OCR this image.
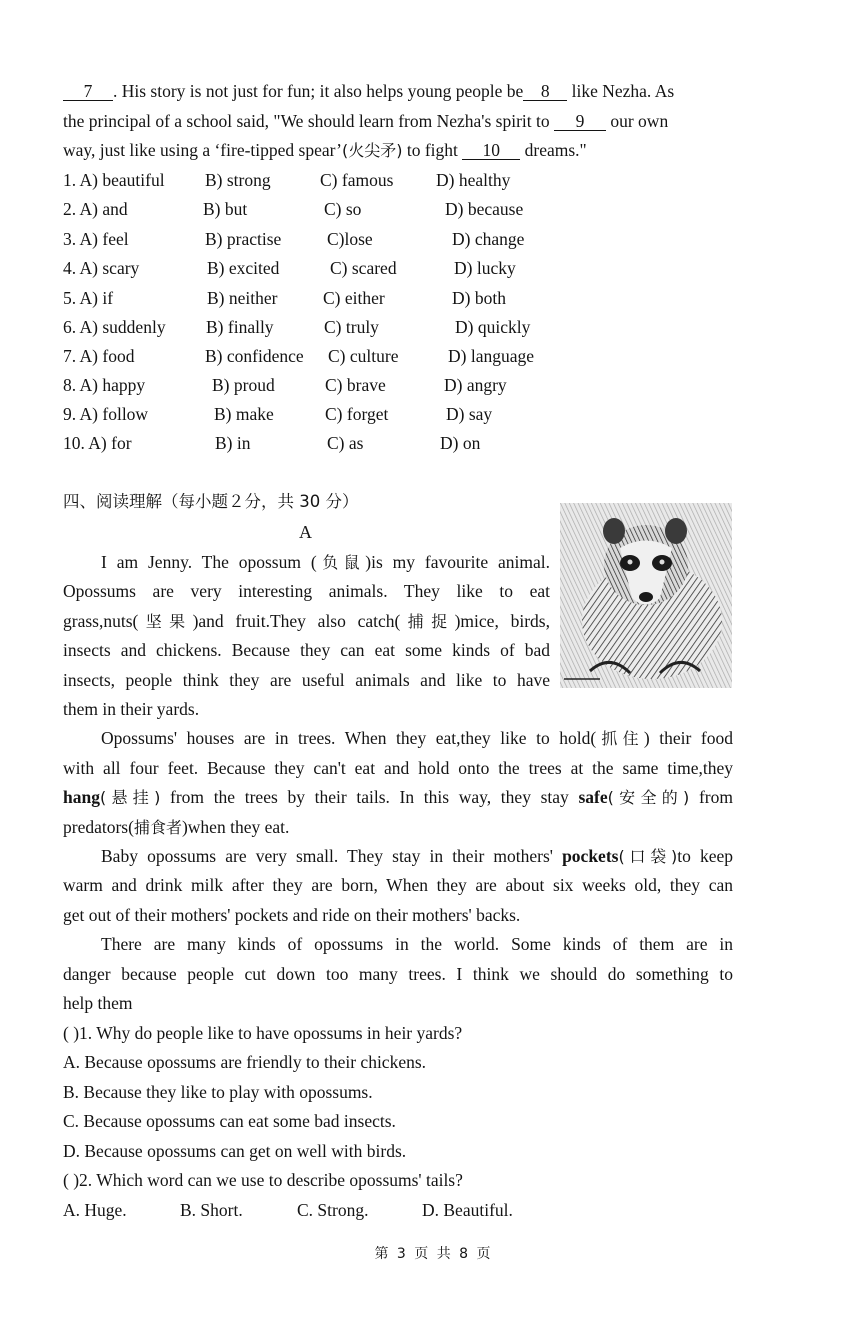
7 . His story is not just for fun; it also helps young people be 8 like Nezha. As
the principal of a school said, "We should learn from Nezha's spirit to 9 our own
way, just like using a ‘fire-tipped spear’(火尖矛) to fight 10 dreams."
1. A) beautiful B) strong	C) famous D) healthy
2. A) and	B) but	C) so	D) because
3. A) feel	B) practise	C)lose	D) change
4. A) scary	B) excited	C) scared	D) lucky
5. A) if	B) neither	C) either	D) both
6. A) suddenly B) finally	C) truly	D) quickly
7. A) food	B) confidence C) culture	D) language
8. A) happy	B) proud	C) brave	D) angry
9. A) follow	B) make	C) forget	D) say
10. A) for	B) in	C) as	D) on
四、阅读理解（每小题２分，共 30 分）
A
I am Jenny. The opossum (负鼠)is my favourite animal.
Opossums are very interesting animals. They like to eat
grass,nuts(坚果)and fruit.They also catch(捕捉)mice, birds,
insects and chickens. Because they can eat some kinds of bad
insects, people think they are useful animals and like to have
them in their yards.
Opossums' houses are in trees. When they eat,they like to hold(抓住) their food
with all four feet. Because they can't eat and hold onto the trees at the same time,they
hang(悬挂) from the trees by their tails. In this way, they stay safe(安全的) from
predators(捕食者)when they eat.
Baby opossums are very small. They stay in their mothers' pockets(口袋)to keep
warm and drink milk after they are born, When they are about six weeks old, they can
get out of their mothers' pockets and ride on their mothers' backs.
There are many kinds of opossums in the world. Some kinds of them are in
danger because people cut down too many trees. I think we should do something to
help them
( )1. Why do people like to have opossums in heir yards?
A. Because opossums are friendly to their chickens.
B. Because they like to play with opossums.
C. Because opossums can eat some bad insects.
D. Because opossums can get on well with birds.
( )2. Which word can we use to describe opossums' tails?
A. Huge.	B. Short.	C. Strong.	D. Beautiful.
第 3 页 共 8 页
